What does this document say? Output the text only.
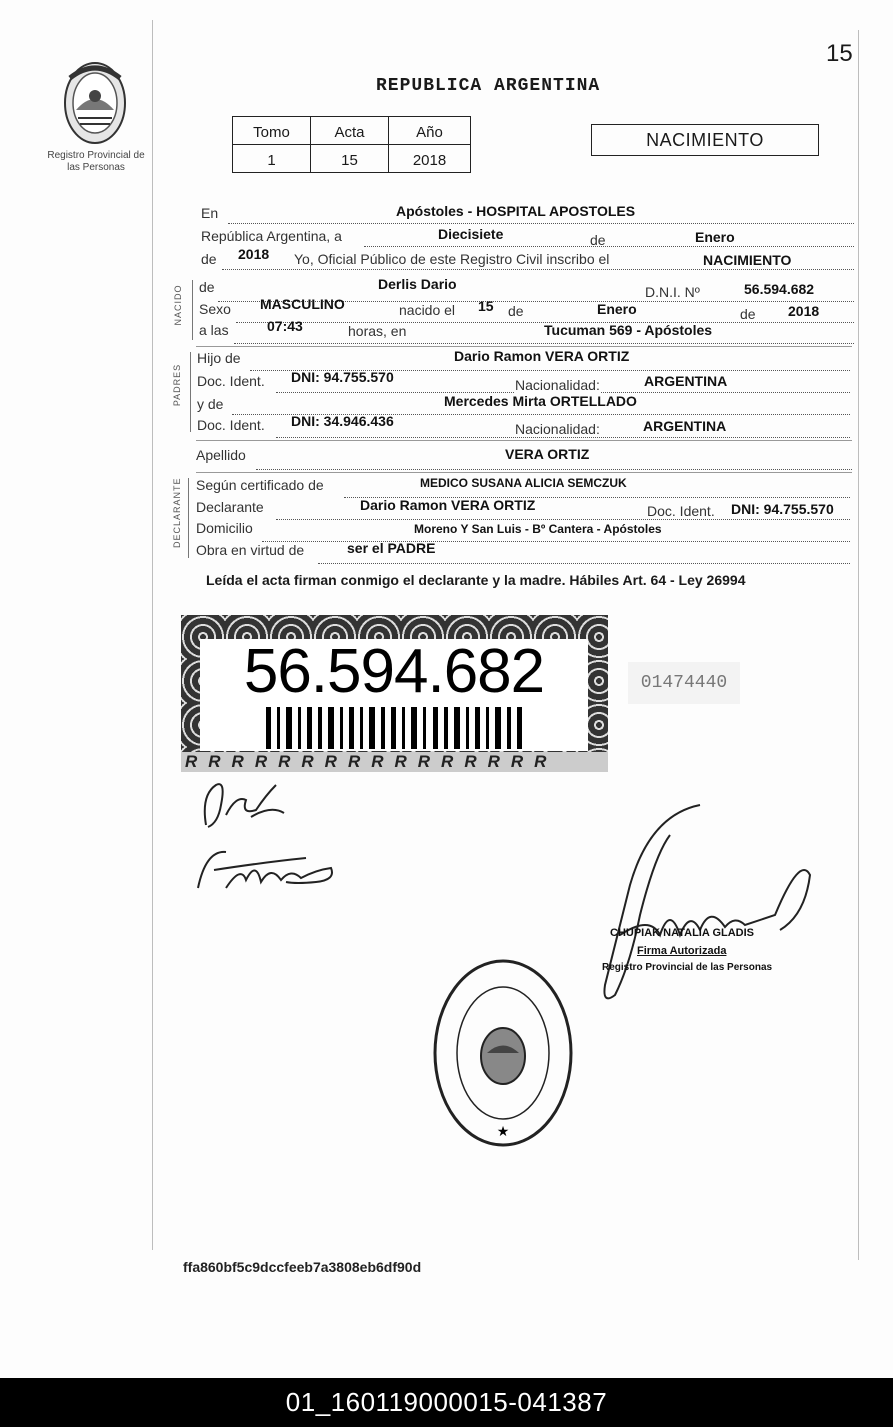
15
REPUBLICA ARGENTINA
Registro Provincial de las Personas
Tomo	Acta	Año
1	15	2018
NACIMIENTO
En	Apóstoles - HOSPITAL APOSTOLES
República Argentina, a	Diecisiete	de	Enero
de 2018 Yo, Oficial Público de este Registro Civil inscribo el	NACIMIENTO
NACIDO de	Derlis Dario	D.N.I. Nº	56.594.682
Sexo MASCULINO	nacido el 15 de	Enero	de 2018
a las	07:43	horas, en	Tucuman 569 - Apóstoles
PADRES
Hijo de	Dario Ramon VERA ORTIZ
Doc. Ident. DNI: 94.755.570	Nacionalidad:	ARGENTINA
y de	Mercedes Mirta ORTELLADO
Doc. Ident. DNI: 34.946.436	Nacionalidad:	ARGENTINA
Apellido	VERA ORTIZ
DECLARANTE Según certificado de	MEDICO SUSANA ALICIA SEMCZUK
Declarante	Dario Ramon VERA ORTIZ	Doc. Ident. DNI: 94.755.570
Domicilio	Moreno Y San Luis - Bº Cantera - Apóstoles
Obra en virtud de	ser el PADRE
Leída el acta firman conmigo el declarante y la madre. Hábiles Art. 64 - Ley 26994
56.594.682
RRRRRRRRRRRRRRRR
01474440
CHUPIAK NATALIA GLADIS
Firma Autorizada
Registro Provincial de las Personas
★
ffa860bf5c9dccfeeb7a3808eb6df90d
01_160119000015-041387
